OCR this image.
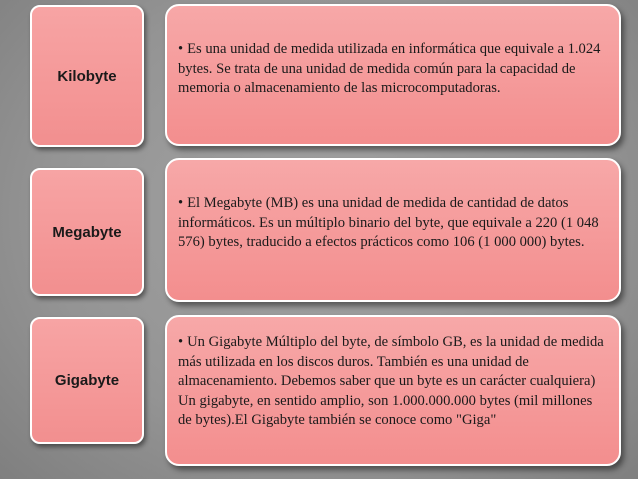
Kilobyte
• Es una unidad de medida utilizada en informática que equivale a 1.024 bytes. Se trata de una unidad de medida común para la capacidad de memoria o almacenamiento de las microcomputadoras.
Megabyte
• El Megabyte (MB) es una unidad de medida de cantidad de datos informáticos. Es un múltiplo binario del byte, que equivale a 220 (1 048 576) bytes, traducido a efectos prácticos como 106 (1 000 000) bytes.
Gigabyte
• Un Gigabyte Múltiplo del byte, de símbolo GB, es la unidad de medida más utilizada en los discos duros. También es una unidad de almacenamiento. Debemos saber que un byte es un carácter cualquiera) Un gigabyte, en sentido amplio, son 1.000.000.000 bytes (mil millones de bytes).El Gigabyte también se conoce como "Giga"
